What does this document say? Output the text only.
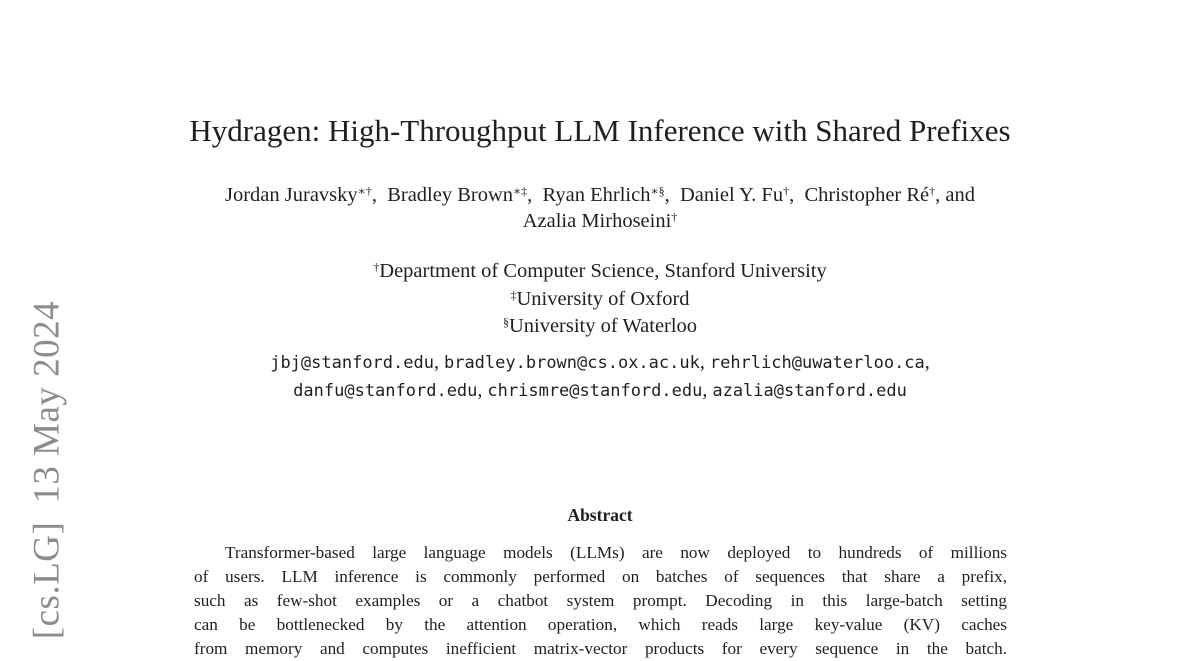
[cs.LG]13 May 2024
Hydragen: High-Throughput LLM Inference with Shared Prefixes
Jordan Juravsky∗†,  Bradley Brown∗‡,  Ryan Ehrlich∗§,  Daniel Y. Fu†,  Christopher Ré†, and
Azalia Mirhoseini†
†Department of Computer Science, Stanford University
‡University of Oxford
§University of Waterloo
jbj@stanford.edu, bradley.brown@cs.ox.ac.uk, rehrlich@uwaterloo.ca,
danfu@stanford.edu, chrismre@stanford.edu, azalia@stanford.edu
Abstract
Transformer-based large language models (LLMs) are now deployed to hundreds of millions
of users. LLM inference is commonly performed on batches of sequences that share a prefix,
such as few-shot examples or a chatbot system prompt. Decoding in this large-batch setting
can be bottlenecked by the attention operation, which reads large key-value (KV) caches
from memory and computes inefficient matrix-vector products for every sequence in the batch.
